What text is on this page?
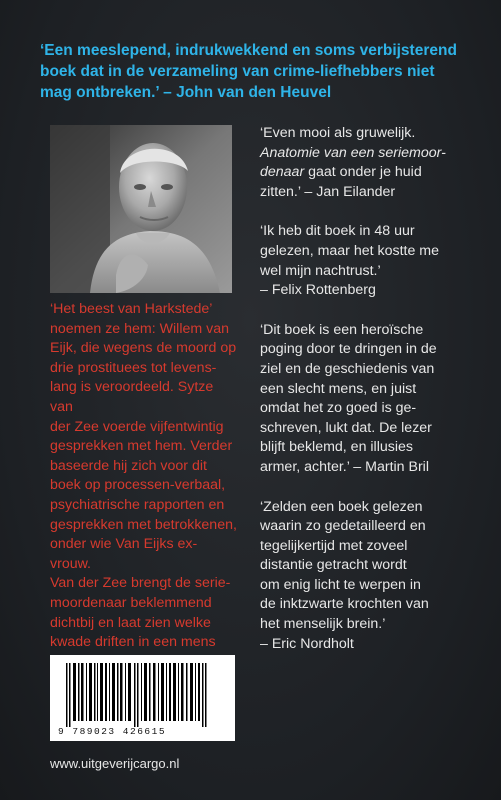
‘Een meeslepend, indrukwekkend en soms verbijsterend boek dat in de verzameling van crime-liefhebbers niet mag ontbreken.’ – John van den Heuvel
‘Het beest van Harkstede’
noemen ze hem: Willem van
Eijk, die wegens de moord op
drie prostituees tot levens-
lang is veroordeeld. Sytze van
der Zee voerde vijfentwintig
gesprekken met hem. Verder
baseerde hij zich voor dit
boek op processen-verbaal,
psychiatrische rapporten en
gesprekken met betrokkenen,
onder wie Van Eijks ex-vrouw.
Van der Zee brengt de serie-
moordenaar beklemmend
dichtbij en laat zien welke
kwade driften in een mens

‘Even mooi als gruwelijk.
Anatomie van een seriemoor-
denaar gaat onder je huid
zitten.’ – Jan Eilander
‘Ik heb dit boek in 48 uur
gelezen, maar het kostte me
wel mijn nachtrust.’
– Felix Rottenberg
‘Dit boek is een heroïsche
poging door te dringen in de
ziel en de geschiedenis van
een slecht mens, en juist
omdat het zo goed is ge-
schreven, lukt dat. De lezer
blijft beklemd, en illusies
armer, achter.’ – Martin Bril
‘Zelden een boek gelezen
waarin zo gedetailleerd en
tegelijkertijd met zoveel
distantie getracht wordt
om enig licht te werpen in
de inktzwarte krochten van
het menselijk brein.’
– Eric Nordholt
9 789023 426615
www.uitgeverijcargo.nl
